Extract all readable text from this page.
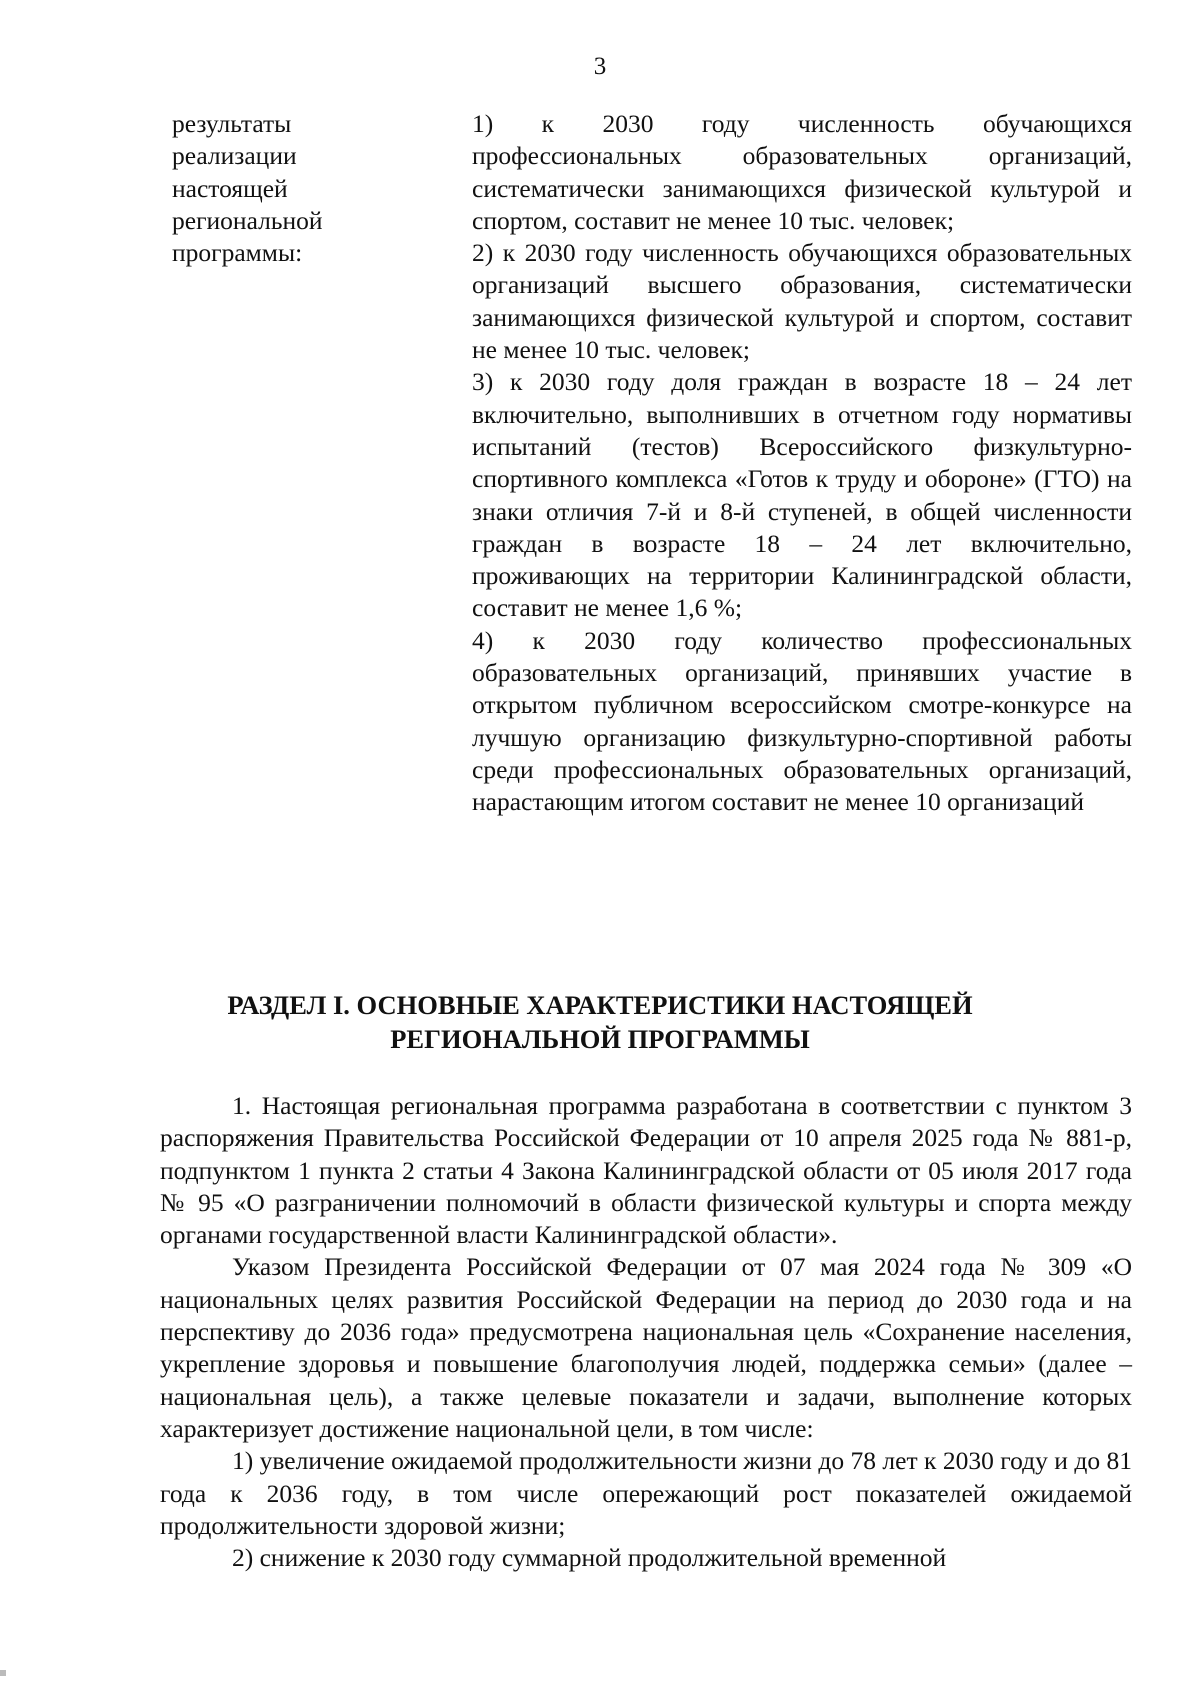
3
результаты
реализации
настоящей
региональной
программы:

1) к 2030 году численность обучающихся профессиональных образовательных организаций, систематически занимающихся физической культурой и спортом, составит не менее 10 тыс. человек;

2) к 2030 году численность обучающихся образовательных организаций высшего образования, систематически занимающихся физической культурой и спортом, составит не менее 10 тыс. человек;

3) к 2030 году доля граждан в возрасте 18 – 24 лет включительно, выполнивших в отчетном году нормативы испытаний (тестов) Всероссийского физкультурно-спортивного комплекса «Готов к труду и обороне» (ГТО) на знаки отличия 7-й и 8-й ступеней, в общей численности граждан в возрасте 18 – 24 лет включительно, проживающих на территории Калининградской области, составит не менее 1,6 %;

4) к 2030 году количество профессиональных образовательных организаций, принявших участие в открытом публичном всероссийском смотре-конкурсе на лучшую организацию физкультурно-спортивной работы среди профессиональных образовательных организаций, нарастающим итогом составит не менее 10 организаций

РАЗДЕЛ I. ОСНОВНЫЕ ХАРАКТЕРИСТИКИ НАСТОЯЩЕЙ
РЕГИОНАЛЬНОЙ ПРОГРАММЫ

1. Настоящая региональная программа разработана в соответствии с пунктом 3 распоряжения Правительства Российской Федерации от 10 апреля 2025 года № 881-р, подпунктом 1 пункта 2 статьи 4 Закона Калининградской области от 05 июля 2017 года № 95 «О разграничении полномочий в области физической культуры и спорта между органами государственной власти Калининградской области».

Указом Президента Российской Федерации от 07 мая 2024 года № 309 «О национальных целях развития Российской Федерации на период до 2030 года и на перспективу до 2036 года» предусмотрена национальная цель «Сохранение населения, укрепление здоровья и повышение благополучия людей, поддержка семьи» (далее – национальная цель), а также целевые показатели и задачи, выполнение которых характеризует достижение национальной цели, в том числе:

1) увеличение ожидаемой продолжительности жизни до 78 лет к 2030 году и до 81 года к 2036 году, в том числе опережающий рост показателей ожидаемой продолжительности здоровой жизни;

2) снижение к 2030 году суммарной продолжительной временной
